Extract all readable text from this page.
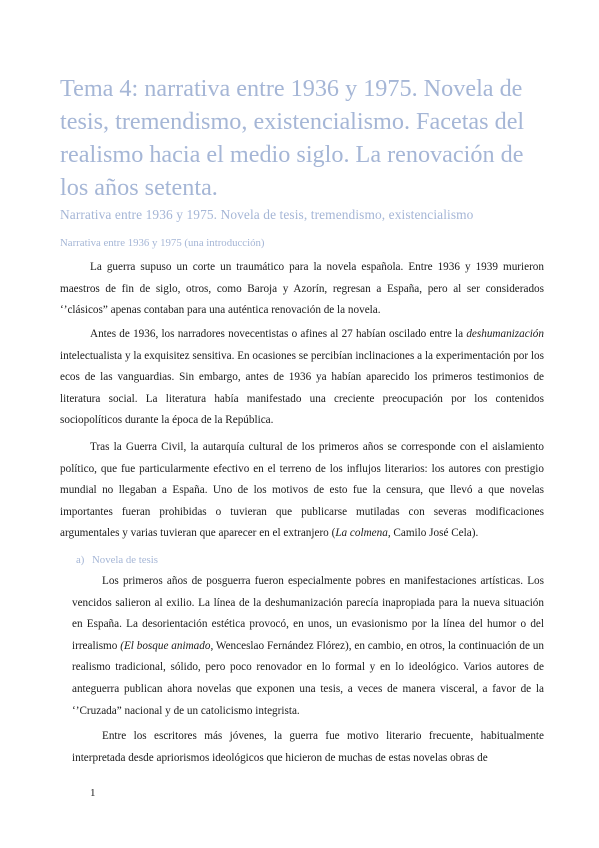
Tema 4: narrativa entre 1936 y 1975. Novela de tesis, tremendismo, existencialismo. Facetas del realismo hacia el medio siglo. La renovación de los años setenta.
Narrativa entre 1936 y 1975. Novela de tesis, tremendismo, existencialismo
Narrativa entre 1936 y 1975 (una introducción)

La guerra supuso un corte un traumático para la novela española. Entre 1936 y 1939 murieron maestros de fin de siglo, otros, como Baroja y Azorín, regresan a España, pero al ser considerados ‘’clásicos” apenas contaban para una auténtica renovación de la novela.

Antes de 1936, los narradores novecentistas o afines al 27 habían oscilado entre la deshumanización intelectualista y la exquisitez sensitiva. En ocasiones se percibían inclinaciones a la experimentación por los ecos de las vanguardias. Sin embargo, antes de 1936 ya habían aparecido los primeros testimonios de literatura social. La literatura había manifestado una creciente preocupación por los contenidos sociopolíticos durante la época de la República.

Tras la Guerra Civil, la autarquía cultural de los primeros años se corresponde con el aislamiento político, que fue particularmente efectivo en el terreno de los influjos literarios: los autores con prestigio mundial no llegaban a España. Uno de los motivos de esto fue la censura, que llevó a que novelas importantes fueran prohibidas o tuvieran que publicarse mutiladas con severas modificaciones argumentales y varias tuvieran que aparecer en el extranjero (La colmena, Camilo José Cela).

a) Novela de tesis

Los primeros años de posguerra fueron especialmente pobres en manifestaciones artísticas. Los vencidos salieron al exilio. La línea de la deshumanización parecía inapropiada para la nueva situación en España. La desorientación estética provocó, en unos, un evasionismo por la línea del humor o del irrealismo (El bosque animado, Wenceslao Fernández Flórez), en cambio, en otros, la continuación de un realismo tradicional, sólido, pero poco renovador en lo formal y en lo ideológico. Varios autores de anteguerra publican ahora novelas que exponen una tesis, a veces de manera visceral, a favor de la ‘’Cruzada” nacional y de un catolicismo integrista.

Entre los escritores más jóvenes, la guerra fue motivo literario frecuente, habitualmente interpretada desde apriorismos ideológicos que hicieron de muchas de estas novelas obras de

1
